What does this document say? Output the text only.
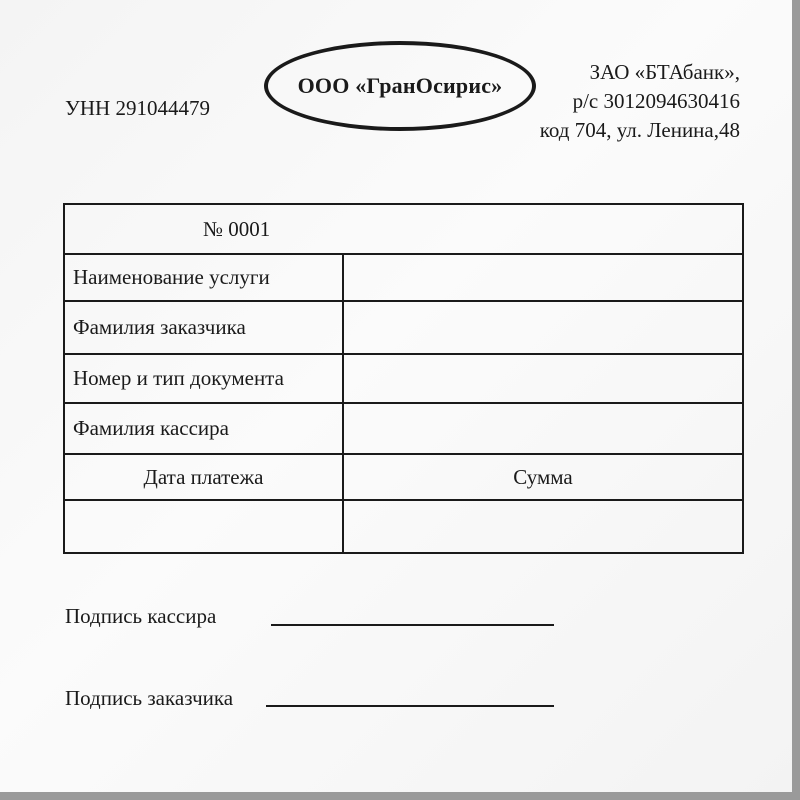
УНН 291044479
ООО «ГранОсирис»
ЗАО «БТАбанк»,
р/с 3012094630416
код 704, ул. Ленина,48
№ 0001	
Наименование услуги	
Фамилия заказчика	
Номер и тип документа	
Фамилия кассира	
Дата платежа	Сумма

Подпись кассира
Подпись заказчика
